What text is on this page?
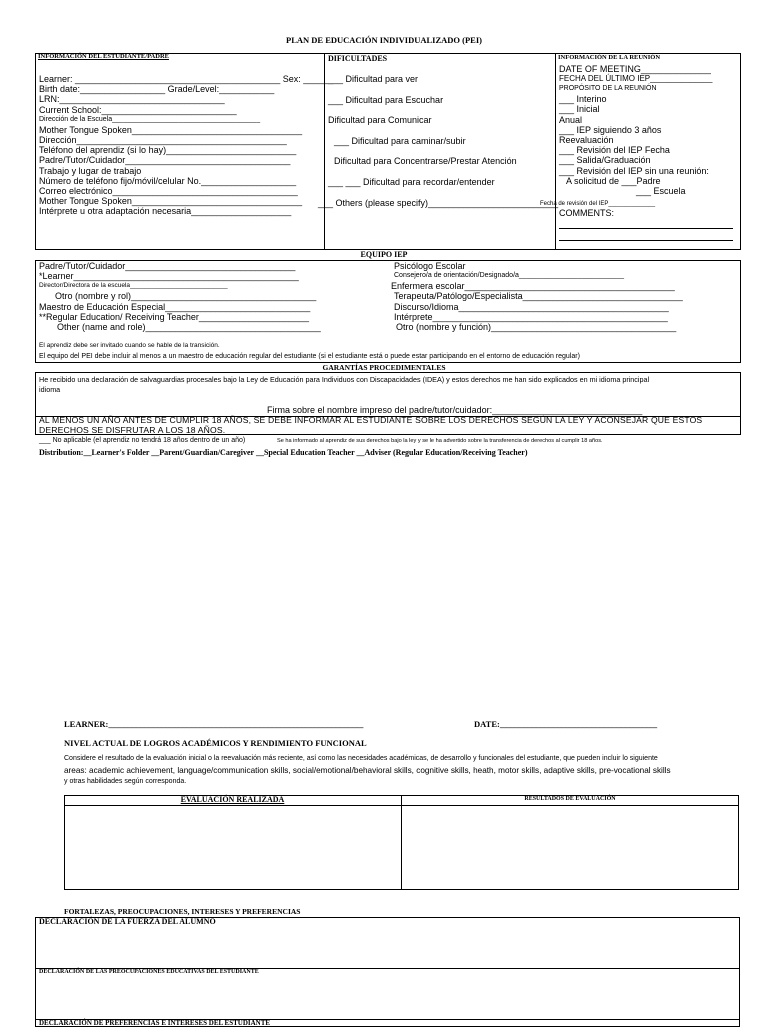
PLAN DE EDUCACIÓN INDIVIDUALIZADO (PEI)
INFORMACIÓN DEL ESTUDIANTE/PADRE
Learner: _________________________________________ Sex: ______
Birth date:_________________ Grade/Level:___________
LRN:_________________________________
Current School:___________________________
Dirección de la Escuela______________________________________
Mother Tongue Spoken__________________________________
Dirección__________________________________________
Teléfono del aprendiz (si lo hay)__________________________
Padre/Tutor/Cuidador_________________________________
Trabajo y lugar de trabajo
Número de teléfono fijo/móvil/celular No.___________________
Correo electrónico_____________________________________
Mother Tongue Spoken__________________________________
Intérprete u otra adaptación necesaria____________________
DIFICULTADES
___ Dificultad para ver
___ Dificultad para Escuchar
Dificultad para Comunicar
___ Dificultad para caminar/subir
Dificultad para Concentrarse/Prestar Atención
___ ___ Dificultad para recordar/entender
___ Others (please specify)__________________________
INFORMACIÓN DE LA REUNIÓN
DATE OF MEETING______________
FECHA DEL ÚLTIMO IEP______________
PROPÓSITO DE LA REUNIÓN
___ Interino
___ Inicial
Anual
___ IEP siguiendo 3 años
Reevaluación
___ Revisión del IEP Fecha
___ Salida/Graduación
___ Revisión del IEP sin una reunión:
A solicitud de ___Padre
___ Escuela
Fecha de revisión del IEP______________
COMMENTS:
EQUIPO IEP
Padre/Tutor/Cuidador__________________________________
*Learner_____________________________________________
Director/Directora de la escuela___________________________
Otro (nombre y rol)_____________________________________
Maestro de Educación Especial_____________________________
**Regular Education/ Receiving Teacher______________________
Other (name and role)___________________________________
Psicólogo Escolar
Consejero/a de orientación/Designado/a___________________________
Enfermera escolar__________________________________________
Terapeuta/Patólogo/Especialista________________________________
Discurso/Idioma__________________________________________
Intérprete_______________________________________________
Otro (nombre y función)_____________________________________
El aprendiz debe ser invitado cuando se hable de la transición.
El equipo del PEI debe incluir al menos a un maestro de educación regular del estudiante (si el estudiante está o puede estar participando en el entorno de educación regular)
GARANTÍAS PROCEDIMENTALES
He recibido una declaración de salvaguardias procesales bajo la Ley de Educación para Individuos con Discapacidades (IDEA) y estos derechos me han sido explicados en mi idioma principal
idioma
Firma sobre el nombre impreso del padre/tutor/cuidador:______________________________
AL MENOS UN AÑO ANTES DE CUMPLIR 18 AÑOS, SE DEBE INFORMAR AL ESTUDIANTE SOBRE LOS DERECHOS SEGÚN LA LEY Y ACONSEJAR QUE ESTOS DERECHOS SE DISFRUTAR A LOS 18 AÑOS.
___ No aplicable (el aprendiz no tendrá 18 años dentro de un año)	Se ha informado al aprendiz de sus derechos bajo la ley y se le ha advertido sobre la transferencia de derechos al cumplir 18 años.
Distribution:__Learner's Folder __Parent/Guardian/Caregiver __Special Education Teacher __Adviser (Regular Education/Receiving Teacher)
LEARNER:____________________________________________________________	DATE:_____________________________________
NIVEL ACTUAL DE LOGROS ACADÉMICOS Y RENDIMIENTO FUNCIONAL
Considere el resultado de la evaluación inicial o la reevaluación más reciente, así como las necesidades académicas, de desarrollo y funcionales del estudiante, que pueden incluir lo siguiente
areas: academic achievement, language/communication skills, social/emotional/behavioral skills, cognitive skills, heath, motor skills, adaptive skills, pre-vocational skills
y otras habilidades según corresponda.
EVALUACIÓN REALIZADA	RESULTADOS DE EVALUACIÓN
FORTALEZAS, PREOCUPACIONES, INTERESES Y PREFERENCIAS
DECLARACIÓN DE LA FUERZA DEL ALUMNO
DECLARACIÓN DE LAS PREOCUPACIONES EDUCATIVAS DEL ESTUDIANTE
DECLARACIÓN DE PREFERENCIAS E INTERESES DEL ESTUDIANTE
